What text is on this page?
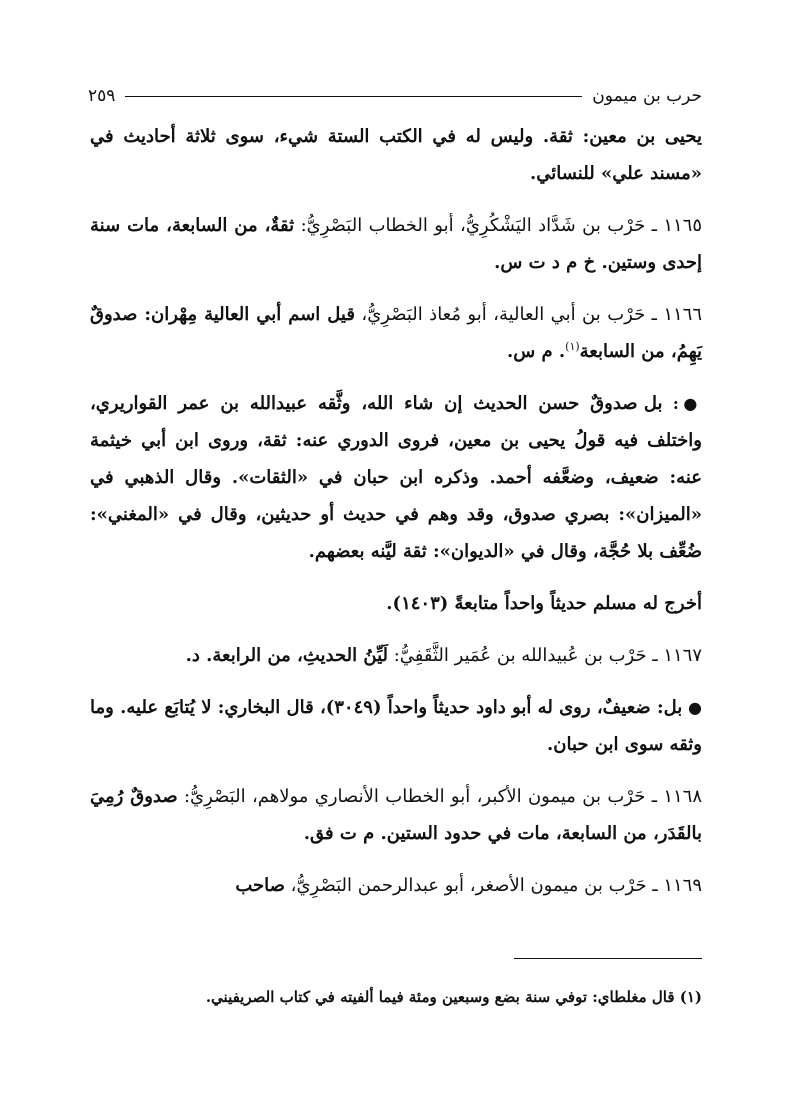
حرب بن ميمون
٢٥٩

يحيى بن معين: ثقة. وليس له في الكتب الستة شيء، سوى ثلاثة أحاديث في «مسند علي» للنسائي.

١١٦٥ ـ حَرْب بن شَدَّاد اليَشْكُرِيُّ، أبو الخطاب البَصْرِيُّ: ثقةٌ، من السابعة، مات سنة إحدى وستين. خ م د ت س.

١١٦٦ ـ حَرْب بن أبي العالية، أبو مُعاذ البَصْرِيُّ، قيل اسم أبي العالية مِهْران: صدوقٌ يَهِمُ، من السابعة$^{(١)}$. م س.

●: بل صدوقٌ حسن الحديث إن شاء الله، وثَّقه عبيدالله بن عمر القواريري، واختلف فيه قولُ يحيى بن معين، فروى الدوري عنه: ثقة، وروى ابن أبي خيثمة عنه: ضعيف، وضعَّفه أحمد. وذكره ابن حبان في «الثقات». وقال الذهبي في «الميزان»: بصري صدوق، وقد وهم في حديث أو حديثين، وقال في «المغني»: ضُعِّف بلا حُجَّة، وقال في «الديوان»: ثقة ليَّنه بعضهم.

أخرج له مسلم حديثاً واحداً متابعةً (١٤٠٣).

١١٦٧ ـ حَرْب بن عُبيدالله بن عُمَير الثَّقَفِيُّ: لَيِّنُ الحديثِ، من الرابعة. د.

● بل: ضعيفٌ، روى له أبو داود حديثاً واحداً (٣٠٤٩)، قال البخاري: لا يُتابَع عليه. وما وثقه سوى ابن حبان.

١١٦٨ ـ حَرْب بن ميمون الأكبر، أبو الخطاب الأنصاري مولاهم، البَصْرِيُّ: صدوقٌ رُمِيَ بالقَدَر، من السابعة، مات في حدود الستين. م ت فق.

١١٦٩ ـ حَرْب بن ميمون الأصغر، أبو عبدالرحمن البَصْرِيُّ، صاحب

(١) قال مغلطاي: توفي سنة بضع وسبعين ومئة فيما ألفيته في كتاب الصريفيني.
